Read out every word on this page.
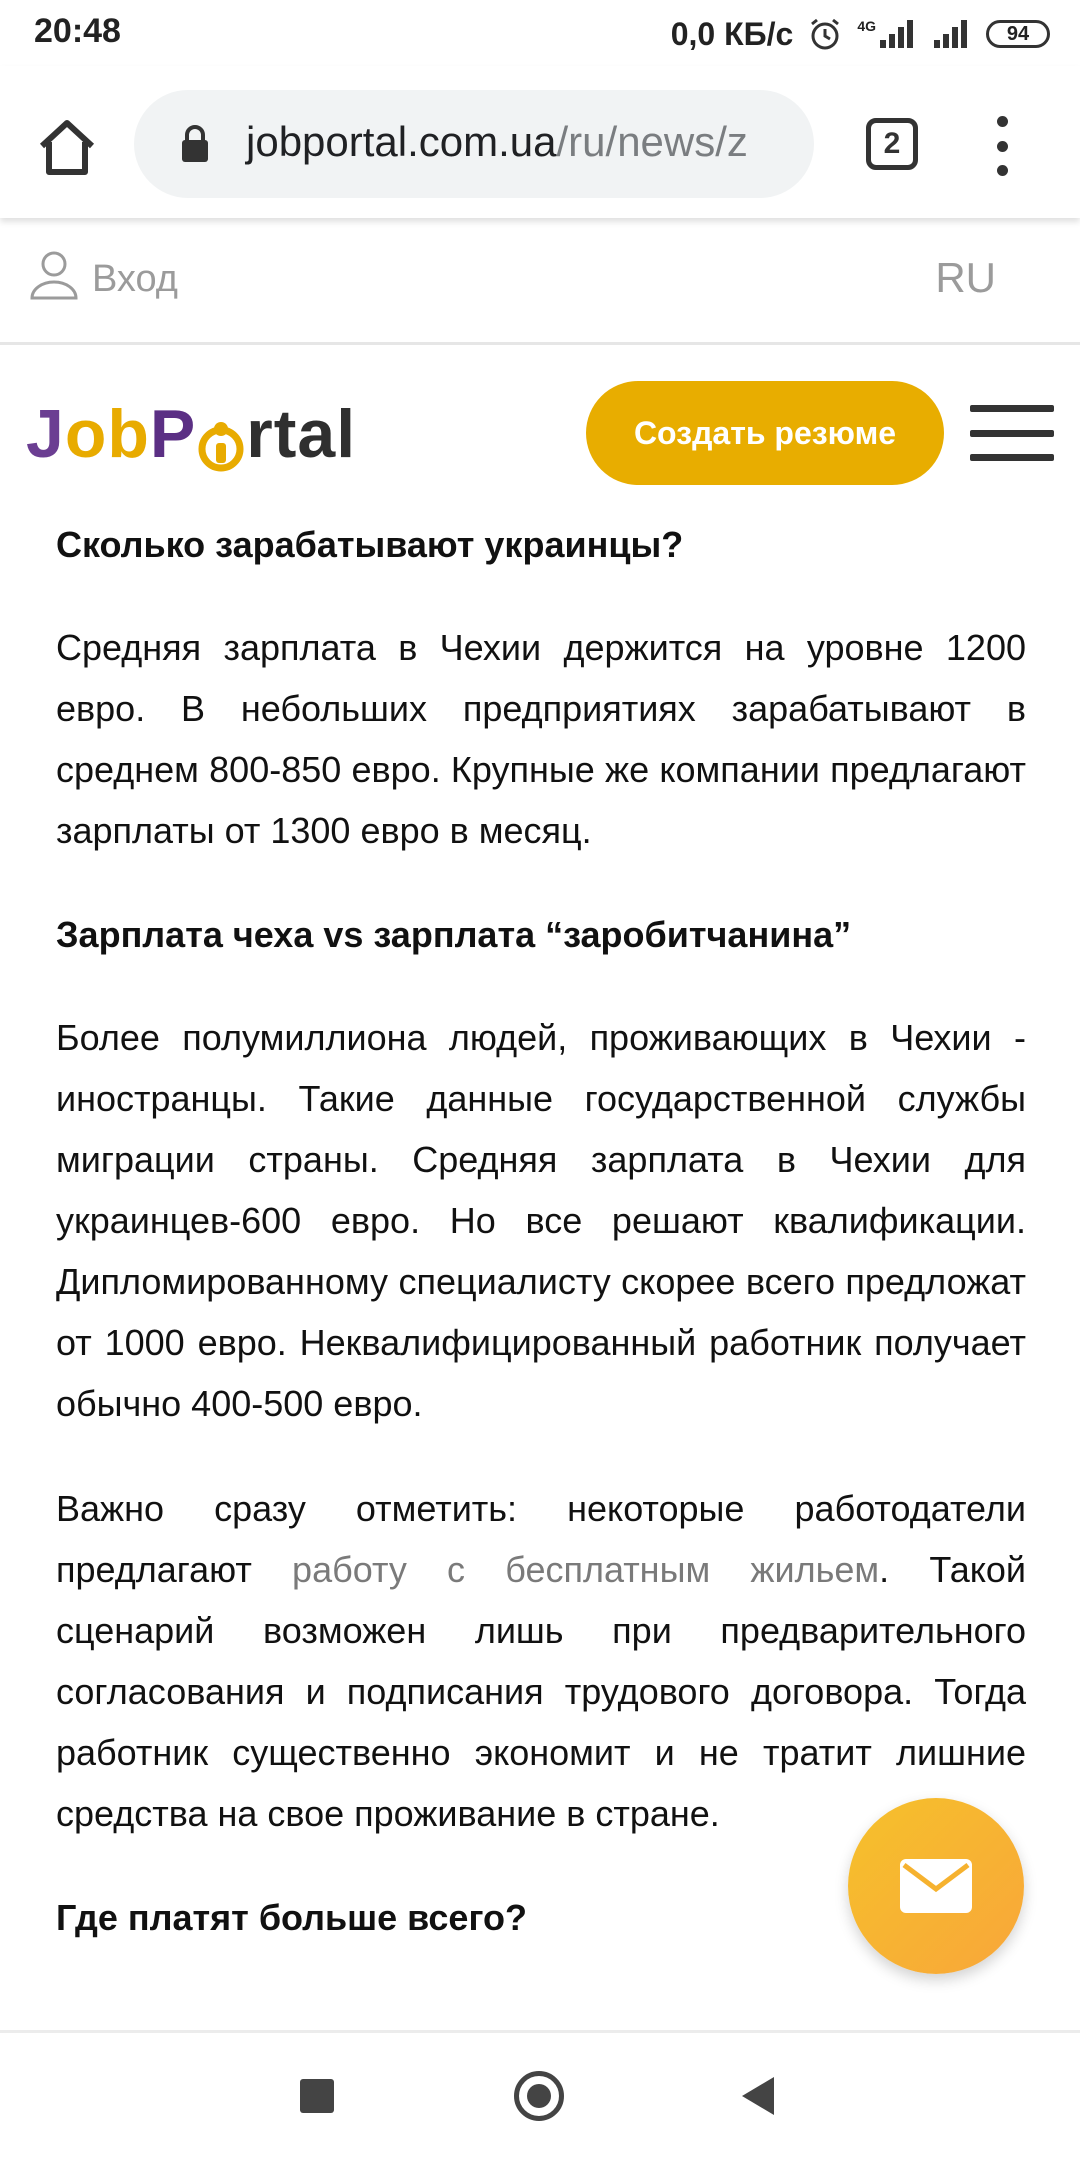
20:48	0,0 КБ/с	4G	94
jobportal.com.ua/ru/news/z	2
Вход	RU
J ob P rtal	Создать резюме
Сколько зарабатывают украинцы?

Средняя зарплата в Чехии держится на уровне 1200 евро. В небольших предприятиях зарабатывают в среднем 800-850 евро. Крупные же компании предлагают зарплаты от 1300 евро в месяц.

Зарплата чеха vs зарплата “заробитчанина”

Более полумиллиона людей, проживающих в Чехии - иностранцы. Такие данные государственной службы миграции страны. Средняя зарплата в Чехии для украинцев-600 евро. Но все решают квалификации. Дипломированному специалисту скорее всего предложат от 1000 евро. Неквалифицированный работник получает обычно 400-500 евро.

Важно сразу отметить: некоторые работодатели предлагают работу с бесплатным жильем. Такой сценарий возможен лишь при предварительного согласования и подписания трудового договора. Тогда работник существенно экономит и не тратит лишние средства на свое проживание в стране.

Где платят больше всего?
